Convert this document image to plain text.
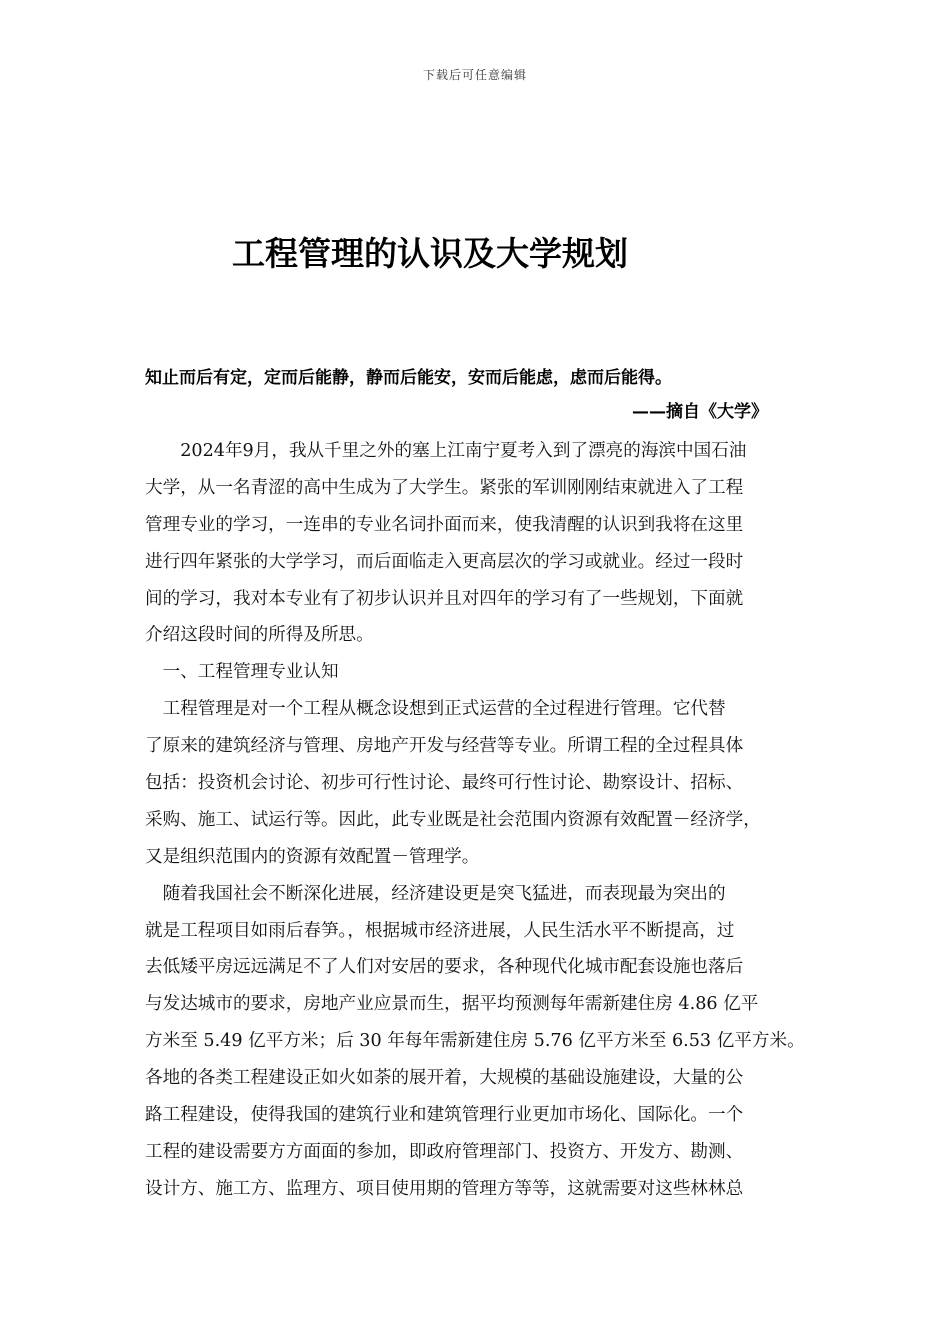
下载后可任意编辑
工程管理的认识及大学规划
知止而后有定，定而后能静，静而后能安，安而后能虑，虑而后能得。
——摘自《大学》
　　2024年9月，我从千里之外的塞上江南宁夏考入到了漂亮的海滨中国石油
大学，从一名青涩的高中生成为了大学生。紧张的军训刚刚结束就进入了工程
管理专业的学习，一连串的专业名词扑面而来，使我清醒的认识到我将在这里
进行四年紧张的大学学习，而后面临走入更高层次的学习或就业。经过一段时
间的学习，我对本专业有了初步认识并且对四年的学习有了一些规划，下面就
介绍这段时间的所得及所思。
　一、工程管理专业认知
　工程管理是对一个工程从概念设想到正式运营的全过程进行管理。它代替
了原来的建筑经济与管理、房地产开发与经营等专业。所谓工程的全过程具体
包括：投资机会讨论、初步可行性讨论、最终可行性讨论、勘察设计、招标、
采购、施工、试运行等。因此，此专业既是社会范围内资源有效配置－经济学，
又是组织范围内的资源有效配置－管理学。
　随着我国社会不断深化进展，经济建设更是突飞猛进，而表现最为突出的
就是工程项目如雨后春笋。，根据城市经济进展，人民生活水平不断提高，过
去低矮平房远远满足不了人们对安居的要求，各种现代化城市配套设施也落后
与发达城市的要求，房地产业应景而生，据平均预测每年需新建住房 4.86 亿平
方米至 5.49 亿平方米；后 30 年每年需新建住房 5.76 亿平方米至 6.53 亿平方米。
各地的各类工程建设正如火如荼的展开着，大规模的基础设施建设，大量的公
路工程建设，使得我国的建筑行业和建筑管理行业更加市场化、国际化。一个
工程的建设需要方方面面的参加，即政府管理部门、投资方、开发方、勘测、
设计方、施工方、监理方、项目使用期的管理方等等，这就需要对这些林林总
